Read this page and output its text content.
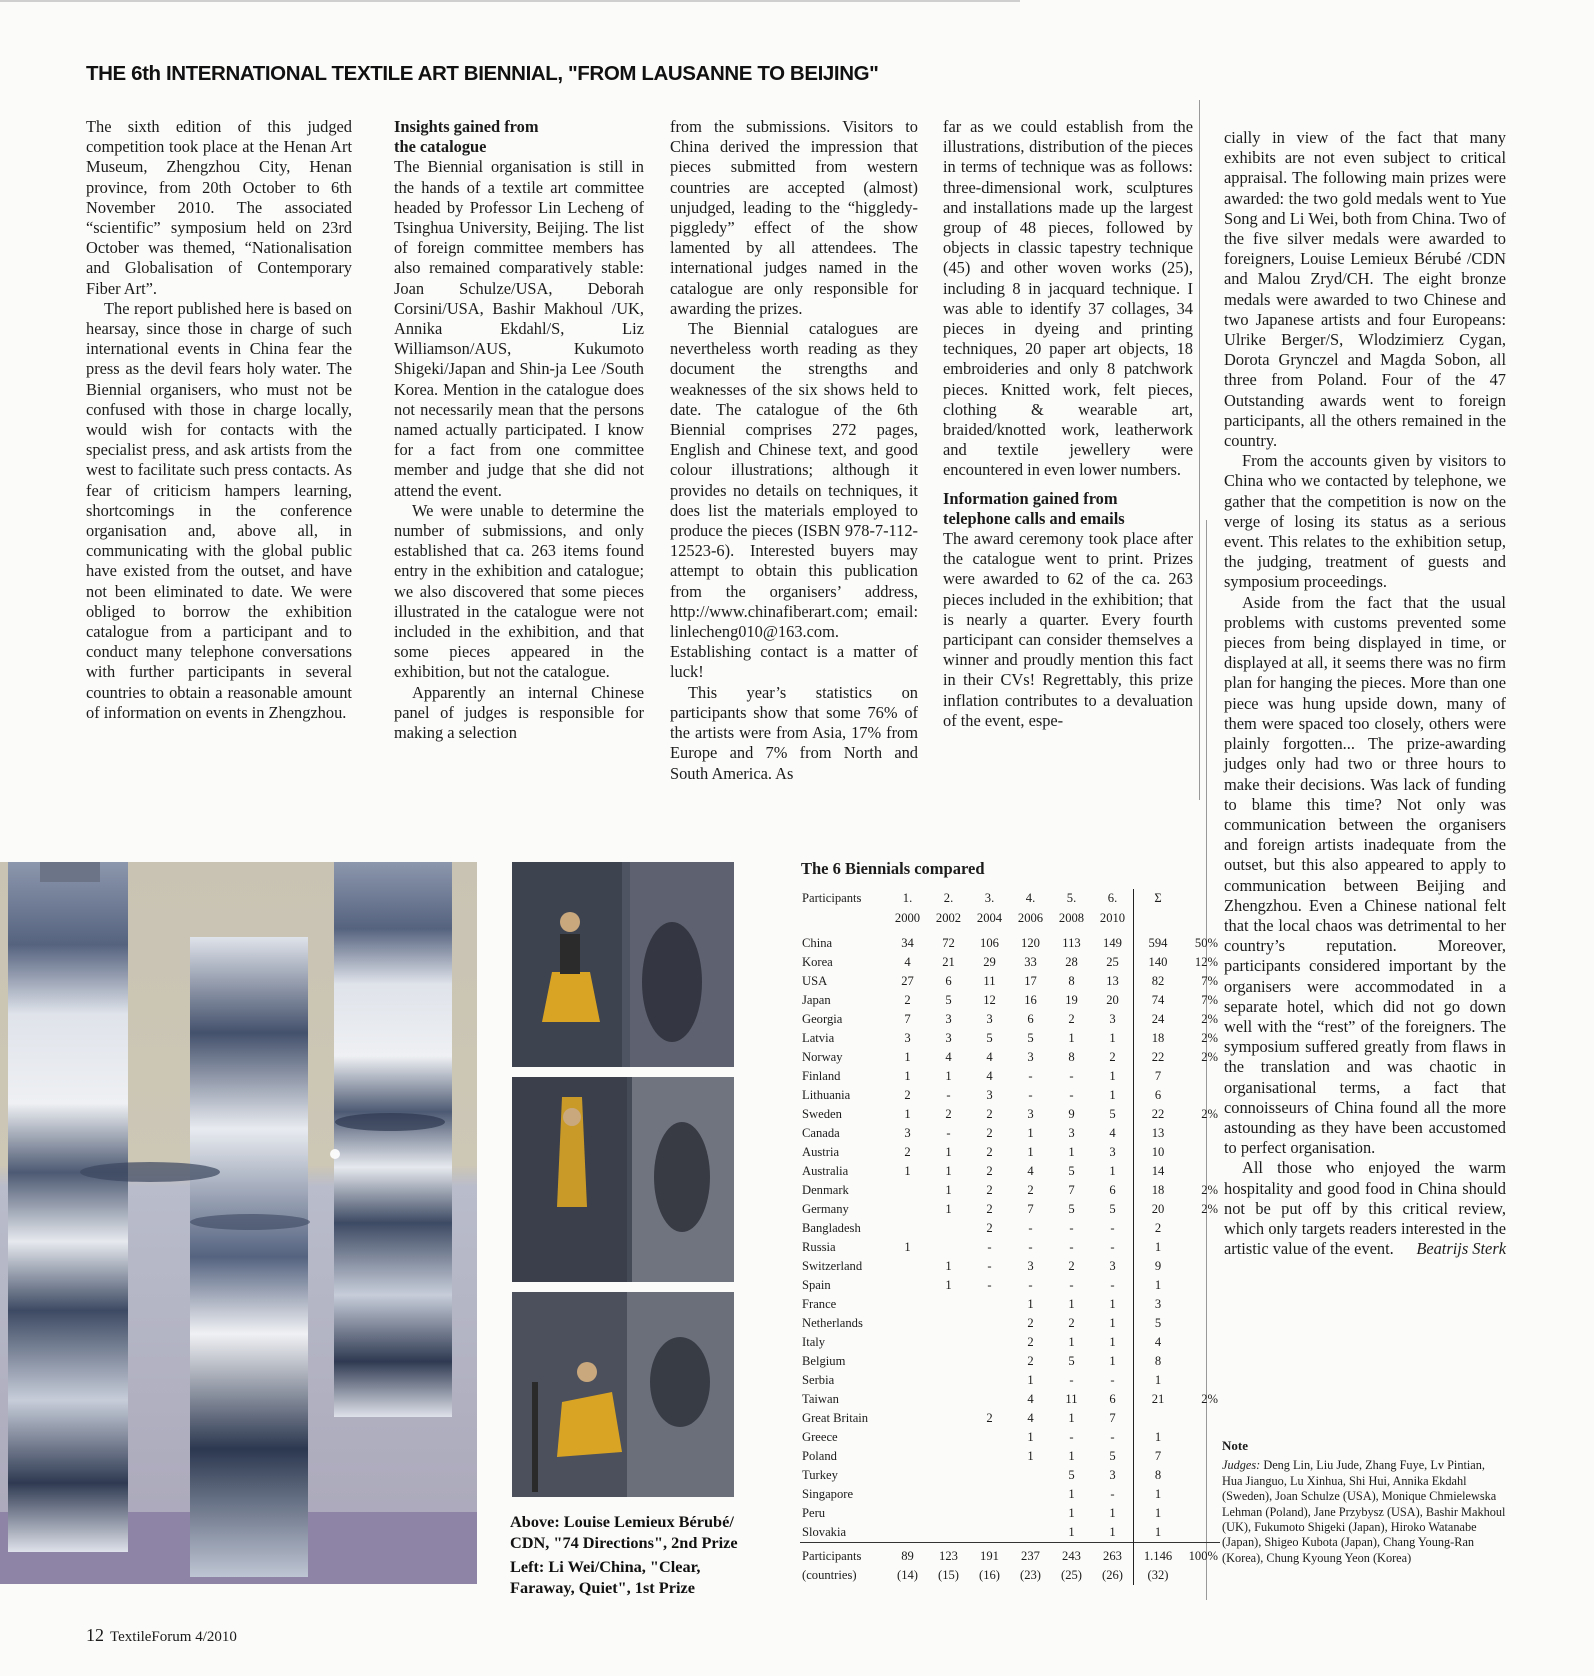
THE 6th INTERNATIONAL TEXTILE ART BIENNIAL, "FROM LAUSANNE TO BEIJING"

The sixth edition of this judged competition took place at the Henan Art Museum, Zhengzhou City, Henan province, from 20th October to 6th November 2010. The associated “scientific” symposium held on 23rd October was themed, “Nationalisation and Globalisation of Contemporary Fiber Art”.

The report published here is based on hearsay, since those in charge of such international events in China fear the press as the devil fears holy water. The Biennial organisers, who must not be confused with those in charge locally, would wish for contacts with the specialist press, and ask artists from the west to facilitate such press contacts. As fear of criticism hampers learning, shortcomings in the conference organisation and, above all, in communicating with the global public have existed from the outset, and have not been eliminated to date. We were obliged to borrow the exhibition catalogue from a participant and to conduct many telephone conversations with further participants in several countries to obtain a reasonable amount of information on events in Zhengzhou.

Insights gained from the catalogue

The Biennial organisation is still in the hands of a textile art committee headed by Professor Lin Lecheng of Tsinghua University, Beijing. The list of foreign committee members has also remained comparatively stable: Joan Schulze/USA, Deborah Corsini/USA, Bashir Makhoul /UK, Annika Ekdahl/S, Liz Williamson/AUS, Kukumoto Shigeki/Japan and Shin-ja Lee /South Korea. Mention in the catalogue does not necessarily mean that the persons named actually participated. I know for a fact from one committee member and judge that she did not attend the event.

We were unable to determine the number of submissions, and only established that ca. 263 items found entry in the exhibition and catalogue; we also discovered that some pieces illustrated in the catalogue were not included in the exhibition, and that some pieces appeared in the exhibition, but not the catalogue.

Apparently an internal Chinese panel of judges is responsible for making a selection

from the submissions. Visitors to China derived the impression that pieces submitted from western countries are accepted (almost) unjudged, leading to the “higgledy-piggledy” effect of the show lamented by all attendees. The international judges named in the catalogue are only responsible for awarding the prizes.

The Biennial catalogues are nevertheless worth reading as they document the strengths and weaknesses of the six shows held to date. The catalogue of the 6th Biennial comprises 272 pages, English and Chinese text, and good colour illustrations; although it provides no details on techniques, it does list the materials employed to produce the pieces (ISBN 978-7-112-12523-6). Interested buyers may attempt to obtain this publication from the organisers’ address, http://www.chinafiberart.com; email: linlecheng010@163.com. Establishing contact is a matter of luck!

This year’s statistics on participants show that some 76% of the artists were from Asia, 17% from Europe and 7% from North and South America. As

far as we could establish from the illustrations, distribution of the pieces in terms of technique was as follows: three-dimensional work, sculptures and installations made up the largest group of 48 pieces, followed by objects in classic tapestry technique (45) and other woven works (25), including 8 in jacquard technique. I was able to identify 37 collages, 34 pieces in dyeing and printing techniques, 20 paper art objects, 18 embroideries and only 8 patchwork pieces. Knitted work, felt pieces, clothing & wearable art, braided/knotted work, leatherwork and textile jewellery were encountered in even lower numbers.

Information gained from telephone calls and emails

The award ceremony took place after the catalogue went to print. Prizes were awarded to 62 of the ca. 263 pieces included in the exhibition; that is nearly a quarter. Every fourth participant can consider themselves a winner and proudly mention this fact in their CVs! Regrettably, this prize inflation contributes to a devaluation of the event, espe-

cially in view of the fact that many exhibits are not even subject to critical appraisal. The following main prizes were awarded: the two gold medals went to Yue Song and Li Wei, both from China. Two of the five silver medals were awarded to foreigners, Louise Lemieux Bérubé /CDN and Malou Zryd/CH. The eight bronze medals were awarded to two Chinese and two Japanese artists and four Europeans: Ulrike Berger/S, Wlodzimierz Cygan, Dorota Grynczel and Magda Sobon, all three from Poland. Four of the 47 Outstanding awards went to foreign participants, all the others remained in the country.

From the accounts given by visitors to China who we contacted by telephone, we gather that the competition is now on the verge of losing its status as a serious event. This relates to the exhibition setup, the judging, treatment of guests and symposium proceedings.

Aside from the fact that the usual problems with customs prevented some pieces from being displayed in time, or displayed at all, it seems there was no firm plan for hanging the pieces. More than one piece was hung upside down, many of them were spaced too closely, others were plainly forgotten... The prize-awarding judges only had two or three hours to make their decisions. Was lack of funding to blame this time? Not only was communication between the organisers and foreign artists inadequate from the outset, but this also appeared to apply to communication between Beijing and Zhengzhou. Even a Chinese national felt that the local chaos was detrimental to her country’s reputation. Moreover, participants considered important by the organisers were accommodated in a separate hotel, which did not go down well with the “rest” of the foreigners. The symposium suffered greatly from flaws in the translation and was chaotic in organisational terms, a fact that connoisseurs of China found all the more astounding as they have been accustomed to perfect organisation.

All those who enjoyed the warm hospitality and good food in China should not be put off by this critical review, which only targets readers interested in the artistic value of the event.	Beatrijs Sterk

Above: Louise Lemieux Bérubé/ CDN, "74 Directions", 2nd Prize
Left: Li Wei/China, "Clear, Faraway, Quiet", 1st Prize
The 6 Biennials compared
Participants	1.	2.	3.	4.	5.	6.	Σ	
	2000	2002	2004	2006	2008	2010		
China	34	72	106	120	113	149	594	50%
Korea	4	21	29	33	28	25	140	12%
USA	27	6	11	17	8	13	82	7%
Japan	2	5	12	16	19	20	74	7%
Georgia	7	3	3	6	2	3	24	2%
Latvia	3	3	5	5	1	1	18	2%
Norway	1	4	4	3	8	2	22	2%
Finland	1	1	4	-	-	1	7	
Lithuania	2	-	3	-	-	1	6	
Sweden	1	2	2	3	9	5	22	2%
Canada	3	-	2	1	3	4	13	
Austria	2	1	2	1	1	3	10	
Australia	1	1	2	4	5	1	14	
Denmark		1	2	2	7	6	18	2%
Germany		1	2	7	5	5	20	2%
Bangladesh			2	-	-	-	2	
Russia	1		-	-	-	-	1	
Switzerland		1	-	3	2	3	9	
Spain		1	-	-	-	-	1	
France				1	1	1	3	
Netherlands				2	2	1	5	
Italy				2	1	1	4	
Belgium				2	5	1	8	
Serbia				1	-	-	1	
Taiwan				4	11	6	21	2%
Great Britain			2	4	1	7		
Greece				1	-	-	1	
Poland				1	1	5	7	
Turkey					5	3	8	
Singapore					1	-	1	
Peru					1	1	1	
Slovakia					1	1	1	
Participants	89	123	191	237	243	263	1.146	100%
(countries)	(14)	(15)	(16)	(23)	(25)	(26)	(32)	
Note
Judges: Deng Lin, Liu Jude, Zhang Fuye, Lv Pintian, Hua Jianguo, Lu Xinhua, Shi Hui, Annika Ekdahl (Sweden), Joan Schulze (USA), Monique Chmielewska Lehman (Poland), Jane Przybysz (USA), Bashir Makhoul (UK), Fukumoto Shigeki (Japan), Hiroko Watanabe (Japan), Shigeo Kubota (Japan), Chang Young-Ran (Korea), Chung Kyoung Yeon (Korea)
12 TextileForum 4/2010
